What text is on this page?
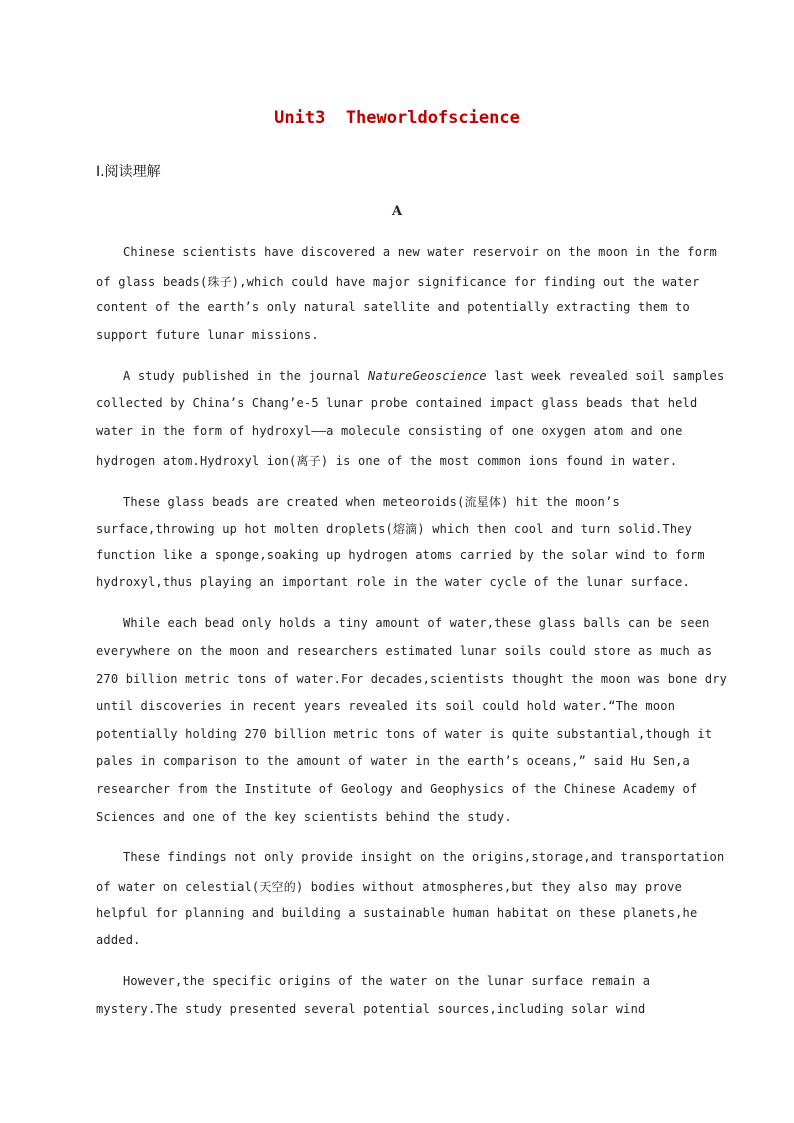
Unit3  Theworldofscience
Ⅰ.阅读理解
A
Chinese scientists have discovered a new water reservoir on the moon in the form
of glass beads(珠子),which could have major significance for finding out the water
content of the earth’s only natural satellite and potentially extracting them to
support future lunar missions.
A study published in the journal NatureGeoscience last week revealed soil samples
collected by China’s Chang’e-5 lunar probe contained impact glass beads that held
water in the form of hydroxyl——a molecule consisting of one oxygen atom and one
hydrogen atom.Hydroxyl ion(离子) is one of the most common ions found in water.
These glass beads are created when meteoroids(流星体) hit the moon’s
surface,throwing up hot molten droplets(熔滴) which then cool and turn solid.They
function like a sponge,soaking up hydrogen atoms carried by the solar wind to form
hydroxyl,thus playing an important role in the water cycle of the lunar surface.
While each bead only holds a tiny amount of water,these glass balls can be seen
everywhere on the moon and researchers estimated lunar soils could store as much as
270 billion metric tons of water.For decades,scientists thought the moon was bone dry
until discoveries in recent years revealed its soil could hold water.“The moon
potentially holding 270 billion metric tons of water is quite substantial,though it
pales in comparison to the amount of water in the earth’s oceans,” said Hu Sen,a
researcher from the Institute of Geology and Geophysics of the Chinese Academy of
Sciences and one of the key scientists behind the study.
These findings not only provide insight on the origins,storage,and transportation
of water on celestial(天空的) bodies without atmospheres,but they also may prove
helpful for planning and building a sustainable human habitat on these planets,he
added.
However,the specific origins of the water on the lunar surface remain a
mystery.The study presented several potential sources,including solar wind
